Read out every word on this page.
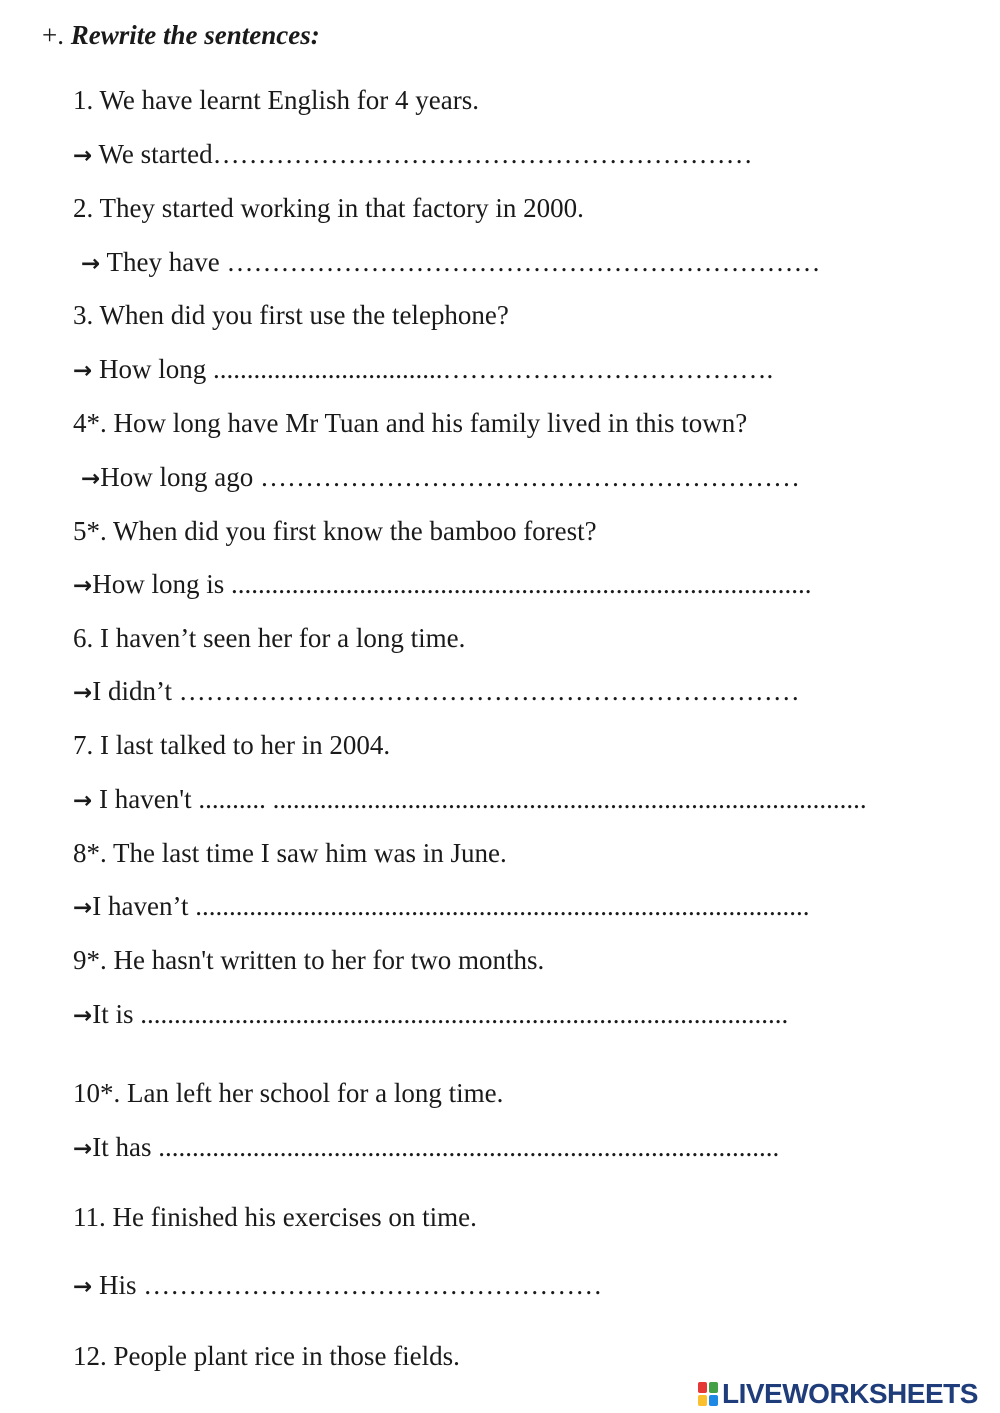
+. Rewrite the sentences:
1. We have learnt English for 4 years.
→ We started……………………………………………………
2. They started working in that factory in 2000.
→ They have …………………………………………………………
3. When did you first use the telephone?
→ How long ..................................……………………………….
4*. How long have Mr Tuan and his family lived in this town?
→How long ago ……………………………………………………
5*. When did you first know the bamboo forest?
→How long is ......................................................................................
6. I haven’t seen her for a long time.
→I didn’t ……………………………………………………………
7. I last talked to her in 2004.
→ I haven't .......... ........................................................................................
8*. The last time I saw him was in June.
→I haven’t ...........................................................................................
9*. He hasn't written to her for two months.
→It is ................................................................................................
10*. Lan left her school for a long time.
→It has ............................................................................................
11. He finished his exercises on time.
→ His ……………………………………………
12. People plant rice in those fields.
LIVEWORKSHEETS
